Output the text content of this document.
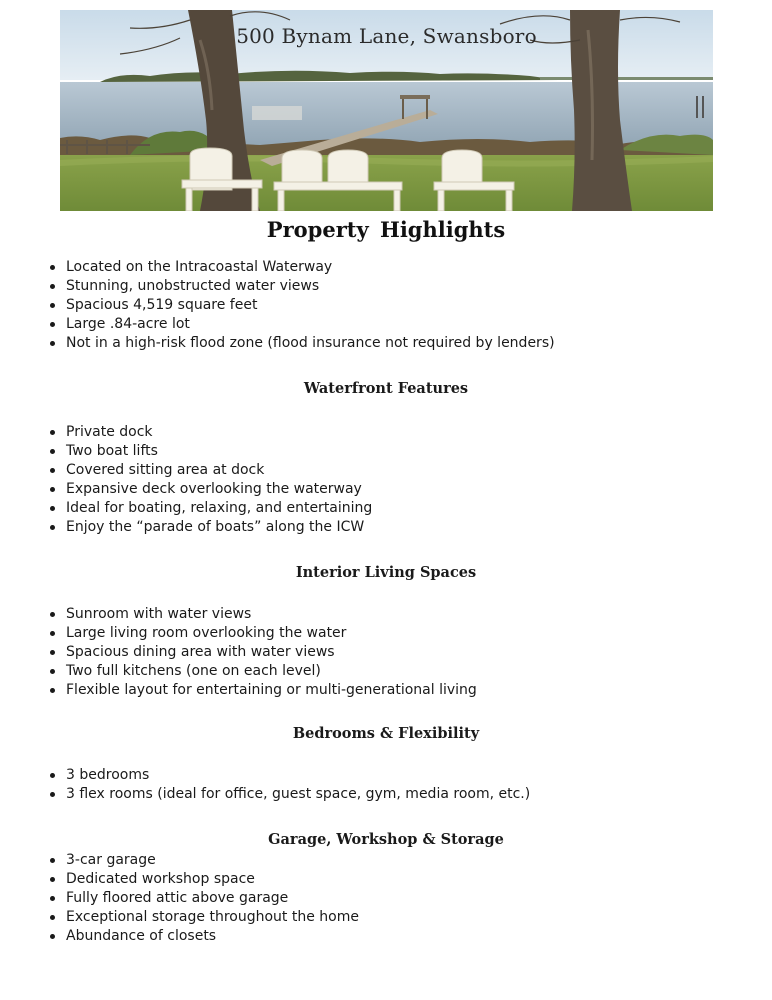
500 Bynam Lane, Swansboro
Property Highlights
Located on the Intracoastal Waterway
Stunning, unobstructed water views
Spacious 4,519 square feet
Large .84-acre lot
Not in a high-risk flood zone (flood insurance not required by lenders)
Waterfront Features
Private dock
Two boat lifts
Covered sitting area at dock
Expansive deck overlooking the waterway
Ideal for boating, relaxing, and entertaining
Enjoy the “parade of boats” along the ICW
Interior Living Spaces
Sunroom with water views
Large living room overlooking the water
Spacious dining area with water views
Two full kitchens (one on each level)
Flexible layout for entertaining or multi-generational living
Bedrooms & Flexibility
3 bedrooms
3 flex rooms (ideal for office, guest space, gym, media room, etc.)
Garage, Workshop & Storage
3-car garage
Dedicated workshop space
Fully floored attic above garage
Exceptional storage throughout the home
Abundance of closets
